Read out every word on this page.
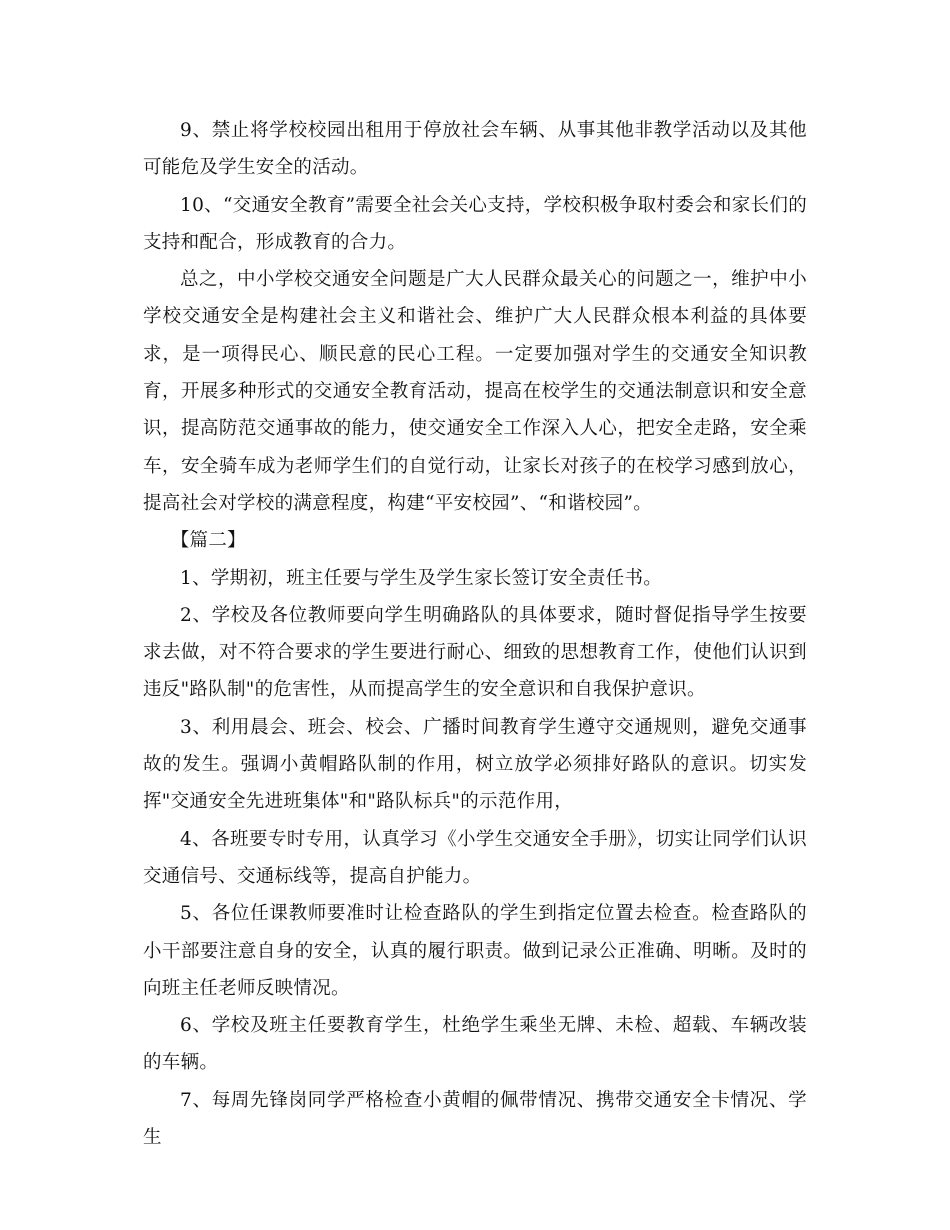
9、禁止将学校校园出租用于停放社会车辆、从事其他非教学活动以及其他可能危及学生安全的活动。

10、“交通安全教育”需要全社会关心支持，学校积极争取村委会和家长们的支持和配合，形成教育的合力。

总之，中小学校交通安全问题是广大人民群众最关心的问题之一，维护中小学校交通安全是构建社会主义和谐社会、维护广大人民群众根本利益的具体要求，是一项得民心、顺民意的民心工程。一定要加强对学生的交通安全知识教育，开展多种形式的交通安全教育活动，提高在校学生的交通法制意识和安全意识，提高防范交通事故的能力，使交通安全工作深入人心，把安全走路，安全乘车，安全骑车成为老师学生们的自觉行动，让家长对孩子的在校学习感到放心，提高社会对学校的满意程度，构建“平安校园”、“和谐校园”。

【篇二】

1、学期初，班主任要与学生及学生家长签订安全责任书。

2、学校及各位教师要向学生明确路队的具体要求，随时督促指导学生按要求去做，对不符合要求的学生要进行耐心、细致的思想教育工作，使他们认识到违反"路队制"的危害性，从而提高学生的安全意识和自我保护意识。

3、利用晨会、班会、校会、广播时间教育学生遵守交通规则，避免交通事故的发生。强调小黄帽路队制的作用，树立放学必须排好路队的意识。切实发挥"交通安全先进班集体"和"路队标兵"的示范作用，

4、各班要专时专用，认真学习《小学生交通安全手册》，切实让同学们认识交通信号、交通标线等，提高自护能力。

5、各位任课教师要准时让检查路队的学生到指定位置去检查。检查路队的小干部要注意自身的安全，认真的履行职责。做到记录公正准确、明晰。及时的向班主任老师反映情况。

6、学校及班主任要教育学生，杜绝学生乘坐无牌、未检、超载、车辆改装的车辆。

7、每周先锋岗同学严格检查小黄帽的佩带情况、携带交通安全卡情况、学生
